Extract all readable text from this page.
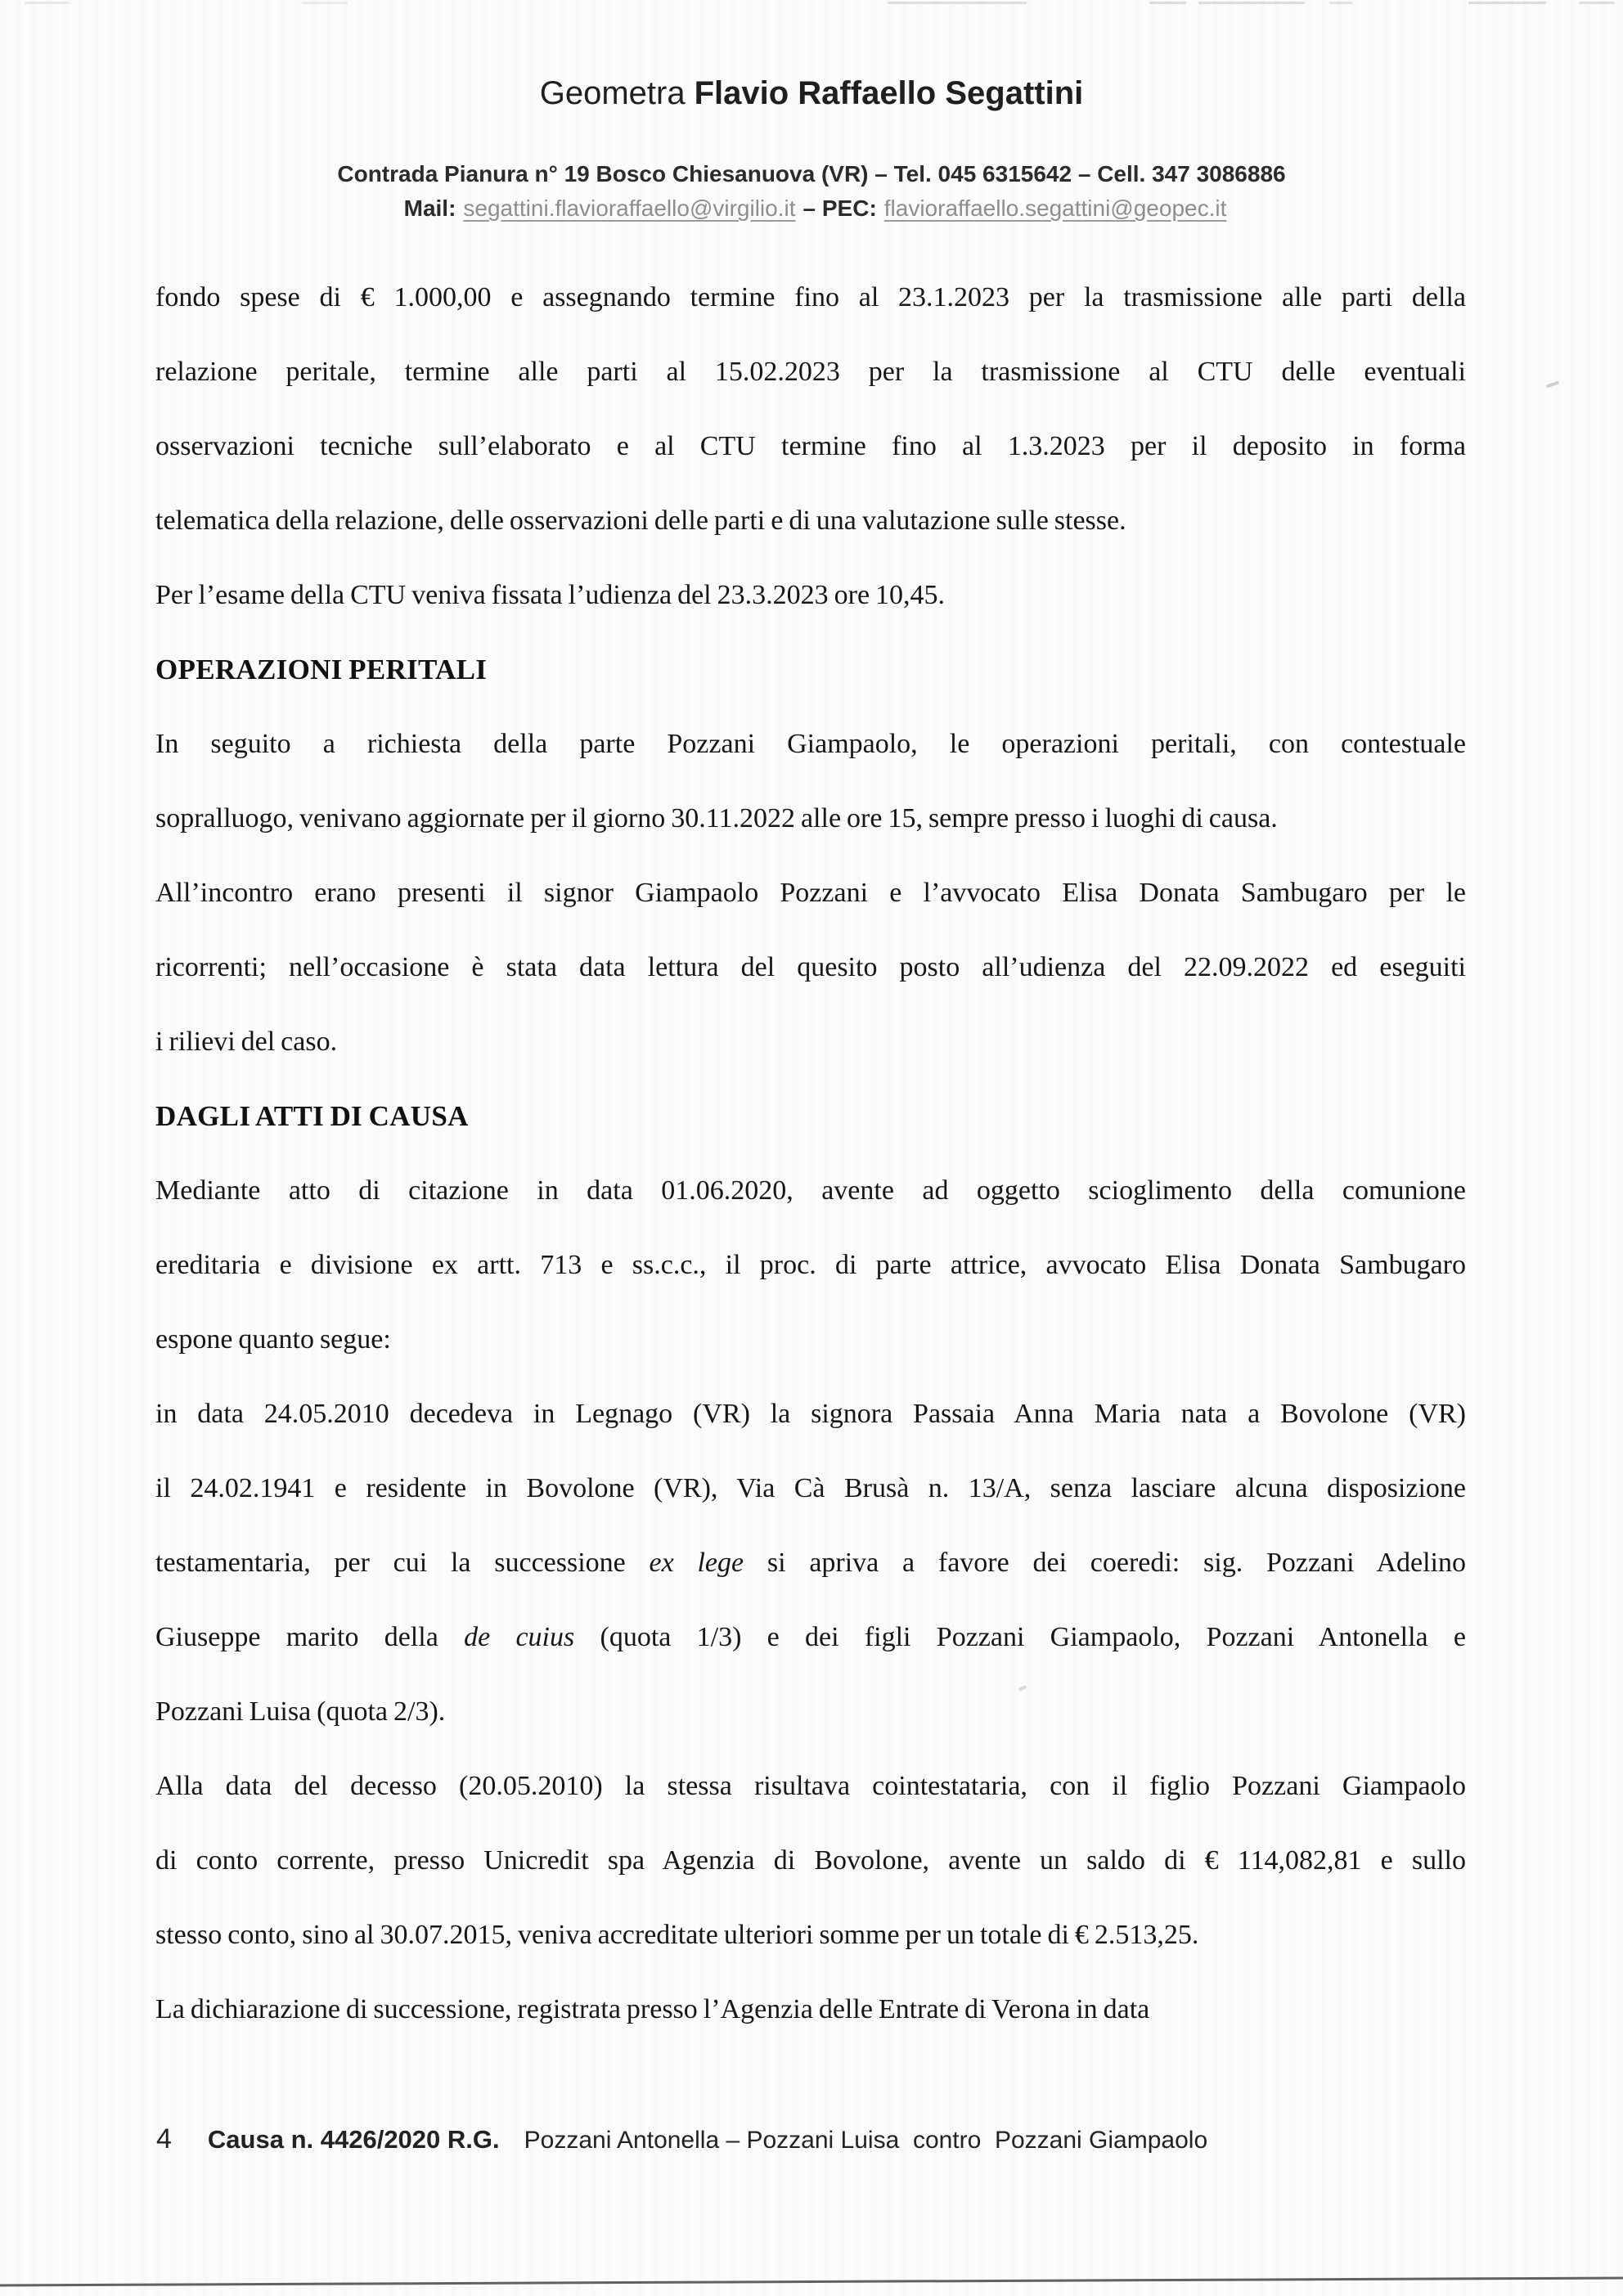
Geometra Flavio Raffaello Segattini
Contrada Pianura n° 19 Bosco Chiesanuova (VR) – Tel. 045 6315642 – Cell. 347 3086886
Mail: segattini.flavioraffaello@virgilio.it – PEC: flavioraffaello.segattini@geopec.it
fondo spese di € 1.000,00 e assegnando termine fino al 23.1.2023 per la trasmissione alle parti della
relazione peritale, termine alle parti al 15.02.2023 per la trasmissione al CTU delle eventuali
osservazioni tecniche sull’elaborato e al CTU termine fino al 1.3.2023 per il deposito in forma
telematica della relazione, delle osservazioni delle parti e di una valutazione sulle stesse.
Per l’esame della CTU veniva fissata l’udienza del 23.3.2023 ore 10,45.
OPERAZIONI PERITALI
In seguito a richiesta della parte Pozzani Giampaolo, le operazioni peritali, con contestuale
sopralluogo, venivano aggiornate per il giorno 30.11.2022 alle ore 15, sempre presso i luoghi di causa.
All’incontro erano presenti il signor Giampaolo Pozzani e l’avvocato Elisa Donata Sambugaro per le
ricorrenti; nell’occasione è stata data lettura del quesito posto all’udienza del 22.09.2022 ed eseguiti
i rilievi del caso.
DAGLI ATTI DI CAUSA
Mediante atto di citazione in data 01.06.2020, avente ad oggetto scioglimento della comunione
ereditaria e divisione ex artt. 713 e ss.c.c., il proc. di parte attrice, avvocato Elisa Donata Sambugaro
espone quanto segue:
in data 24.05.2010 decedeva in Legnago (VR) la signora Passaia Anna Maria nata a Bovolone (VR)
il 24.02.1941 e residente in Bovolone (VR), Via Cà Brusà n. 13/A, senza lasciare alcuna disposizione
testamentaria, per cui la successione ex lege si apriva a favore dei coeredi: sig. Pozzani Adelino
Giuseppe marito della de cuius (quota 1/3) e dei figli Pozzani Giampaolo, Pozzani Antonella e
Pozzani Luisa (quota 2/3).
Alla data del decesso (20.05.2010) la stessa risultava cointestataria, con il figlio Pozzani Giampaolo
di conto corrente, presso Unicredit spa Agenzia di Bovolone, avente un saldo di € 114,082,81 e sullo
stesso conto, sino al 30.07.2015, veniva accreditate ulteriori somme per un totale di € 2.513,25.
La dichiarazione di successione, registrata presso l’Agenzia delle Entrate di Verona in data
4 Causa n. 4426/2020 R.G. Pozzani Antonella – Pozzani Luisa  contro  Pozzani Giampaolo
